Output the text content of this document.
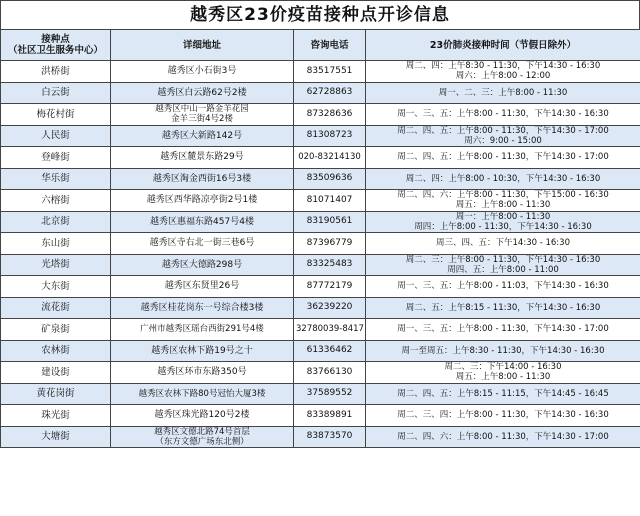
越秀区23价疫苗接种点开诊信息
接种点
（社区卫生服务中心）	详细地址	咨询电话	23价肺炎接种时间（节假日除外）
洪桥街	越秀区小石街3号	83517551	周二、四：上午8:30 - 11:30，下午14:30 - 16:30
周六：上午8:00 - 12:00

白云街	越秀区白云路62号2楼	62728863	周一、二、三：上午8:00 - 11:30

梅花村街	越秀区中山一路金羊花园
金羊三街4号2楼	87328636	周一、三、五：上午8:00 - 11:30，下午14:30 - 16:30

人民街	越秀区大新路142号	81308723	周二、四、五：上午8:00 - 11:30，下午14:30 - 17:00
周六：9:00 - 15:00

登峰街	越秀区麓景东路29号	020-83214130	周二、四、五：上午8:00 - 11:30，下午14:30 - 17:00

华乐街	越秀区淘金西街16号3楼	83509636	周二、四：上午8:00 - 10:30，下午14:30 - 16:30

六榕街	越秀区西华路凉亭街2号1楼	81071407	周二、四、六：上午8:00 - 11:30，下午15:00 - 16:30
周五：上午8:00 - 11:30

北京街	越秀区惠福东路457号4楼	83190561	周一：上午8:00 - 11:30
周四：上午8:00 - 11:30，下午14:30 - 16:30

东山街	越秀区寺右北一街三巷6号	87396779	周三、四、五：下午14:30 - 16:30

光塔街	越秀区大德路298号	83325483	周二、三：上午8:00 - 11:30，下午14:30 - 16:30
周四、五：上午8:00 - 11:00

大东街	越秀区东贤里26号	87772179	周一、三、五：上午8:00 - 11:03，下午14:30 - 16:30

流花街	越秀区桂花岗东一号综合楼3楼	36239220	周二、五：上午8:15 - 11:30，下午14:30 - 16:30

矿泉街	广州市越秀区瑶台西街291号4楼	32780039-8417	周一、三、五：上午8:00 - 11:30，下午14:30 - 17:00

农林街	越秀区农林下路19号之十	61336462	周一至周五：上午8:30 - 11:30，下午14:30 - 16:30

建设街	越秀区环市东路350号	83766130	周二、三：下午14:00 - 16:30
周五：上午8:00 - 11:30

黄花岗街	越秀区农林下路80号冠怡大厦3楼	37589552	周二、四、五：上午8:15 - 11:15，下午14:45 - 16:45

珠光街	越秀区珠光路120号2楼	83389891	周二、三、四：上午8:00 - 11:30，下午14:30 - 16:30

大塘街	越秀区文德北路74号首层
（东方文德广场东北侧）	83873570	周二、四、六：上午8:00 - 11:30，下午14:30 - 17:00
